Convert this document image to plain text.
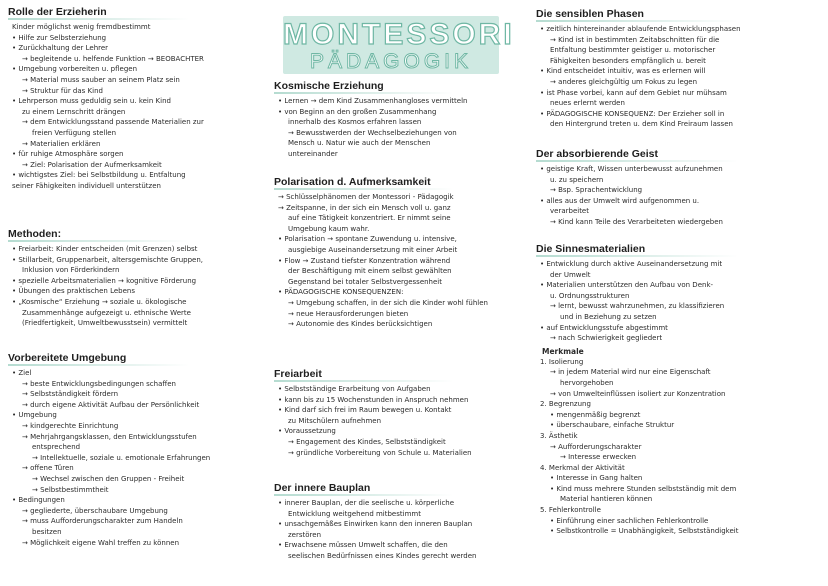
MONTESSORI
PÄDAGOGIK
Rolle der Erzieherin
Kinder möglichst wenig fremdbestimmt
• Hilfe zur Selbsterziehung
• Zurückhaltung der Lehrer
→ begleitende u. helfende Funktion → BEOBACHTER
• Umgebung vorbereiten u. pflegen
→ Material muss sauber an seinem Platz sein
→ Struktur für das Kind
• Lehrperson muss geduldig sein u. kein Kind
zu einem Lernschritt drängen
→ dem Entwicklungsstand passende Materialien zur
freien Verfügung stellen
→ Materialien erklären
• für ruhige Atmosphäre sorgen
→ Ziel: Polarisation der Aufmerksamkeit
• wichtigstes Ziel: bei Selbstbildung u. Entfaltung
seiner Fähigkeiten individuell unterstützen
Methoden:
• Freiarbeit: Kinder entscheiden (mit Grenzen) selbst
• Stillarbeit, Gruppenarbeit, altersgemischte Gruppen,
Inklusion von Förderkindern
• spezielle Arbeitsmaterialien → kognitive Förderung
• Übungen des praktischen Lebens
• „Kosmische“ Erziehung → soziale u. ökologische
Zusammenhänge aufgezeigt u. ethnische Werte
(Friedfertigkeit, Umweltbewusstsein) vermittelt
Vorbereitete Umgebung
• Ziel
→ beste Entwicklungsbedingungen schaffen
→ Selbstständigkeit fördern
→ durch eigene Aktivität Aufbau der Persönlichkeit
• Umgebung
→ kindgerechte Einrichtung
→ Mehrjahrgangsklassen, den Entwicklungsstufen
entsprechend
→ Intellektuelle, soziale u. emotionale Erfahrungen
→ offene Türen
→ Wechsel zwischen den Gruppen - Freiheit
→ Selbstbestimmtheit
• Bedingungen
→ gegliederte, überschaubare Umgebung
→ muss Aufforderungscharakter zum Handeln
besitzen
→ Möglichkeit eigene Wahl treffen zu können
Kosmische Erziehung
• Lernen → dem Kind Zusammenhangloses vermitteln
• von Beginn an den großen Zusammenhang
innerhalb des Kosmos erfahren lassen
→ Bewusstwerden der Wechselbeziehungen von
Mensch u. Natur wie auch der Menschen
untereinander
Polarisation d. Aufmerksamkeit
→ Schlüsselphänomen der Montessori - Pädagogik
→ Zeitspanne, in der sich ein Mensch voll u. ganz
auf eine Tätigkeit konzentriert. Er nimmt seine
Umgebung kaum wahr.
• Polarisation → spontane Zuwendung u. intensive,
ausgiebige Auseinandersetzung mit einer Arbeit
• Flow → Zustand tiefster Konzentration während
der Beschäftigung mit einem selbst gewählten
Gegenstand bei totaler Selbstvergessenheit
• PÄDAGOGISCHE KONSEQUENZEN:
→ Umgebung schaffen, in der sich die Kinder wohl fühlen
→ neue Herausforderungen bieten
→ Autonomie des Kindes berücksichtigen
Freiarbeit
• Selbstständige Erarbeitung von Aufgaben
• kann bis zu 15 Wochenstunden in Anspruch nehmen
• Kind darf sich frei im Raum bewegen u. Kontakt
zu Mitschülern aufnehmen
• Voraussetzung
→ Engagement des Kindes, Selbstständigkeit
→ gründliche Vorbereitung von Schule u. Materialien
Der innere Bauplan
• innerer Bauplan, der die seelische u. körperliche
Entwicklung weitgehend mitbestimmt
• unsachgemäßes Einwirken kann den inneren Bauplan
zerstören
• Erwachsene müssen Umwelt schaffen, die den
seelischen Bedürfnissen eines Kindes gerecht werden
Die sensiblen Phasen
• zeitlich hintereinander ablaufende Entwicklungsphasen
→ Kind ist in bestimmten Zeitabschnitten für die
Entfaltung bestimmter geistiger u. motorischer
Fähigkeiten besonders empfänglich u. bereit
• Kind entscheidet intuitiv, was es erlernen will
→ anderes gleichgültig um Fokus zu legen
• ist Phase vorbei, kann auf dem Gebiet nur mühsam
neues erlernt werden
• PÄDAGOGISCHE KONSEQUENZ: Der Erzieher soll in
den Hintergrund treten u. dem Kind Freiraum lassen
Der absorbierende Geist
• geistige Kraft, Wissen unterbewusst aufzunehmen
u. zu speichern
→ Bsp. Sprachentwicklung
• alles aus der Umwelt wird aufgenommen u.
verarbeitet
→ Kind kann Teile des Verarbeiteten wiedergeben
Die Sinnesmaterialien
• Entwicklung durch aktive Auseinandersetzung mit
der Umwelt
• Materialien unterstützen den Aufbau von Denk-
u. Ordnungsstrukturen
→ lernt, bewusst wahrzunehmen, zu klassifizieren
und in Beziehung zu setzen
• auf Entwicklungsstufe abgestimmt
→ nach Schwierigkeit gegliedert
Merkmale
1. Isolierung
→ in jedem Material wird nur eine Eigenschaft
hervorgehoben
→ von Umwelteinflüssen isoliert zur Konzentration
2. Begrenzung
• mengenmäßig begrenzt
• überschaubare, einfache Struktur
3. Ästhetik
→ Aufforderungscharakter
→ Interesse erwecken
4. Merkmal der Aktivität
• Interesse in Gang halten
• Kind muss mehrere Stunden selbstständig mit dem
Material hantieren können
5. Fehlerkontrolle
• Einführung einer sachlichen Fehlerkontrolle
• Selbstkontrolle = Unabhängigkeit, Selbstständigkeit
